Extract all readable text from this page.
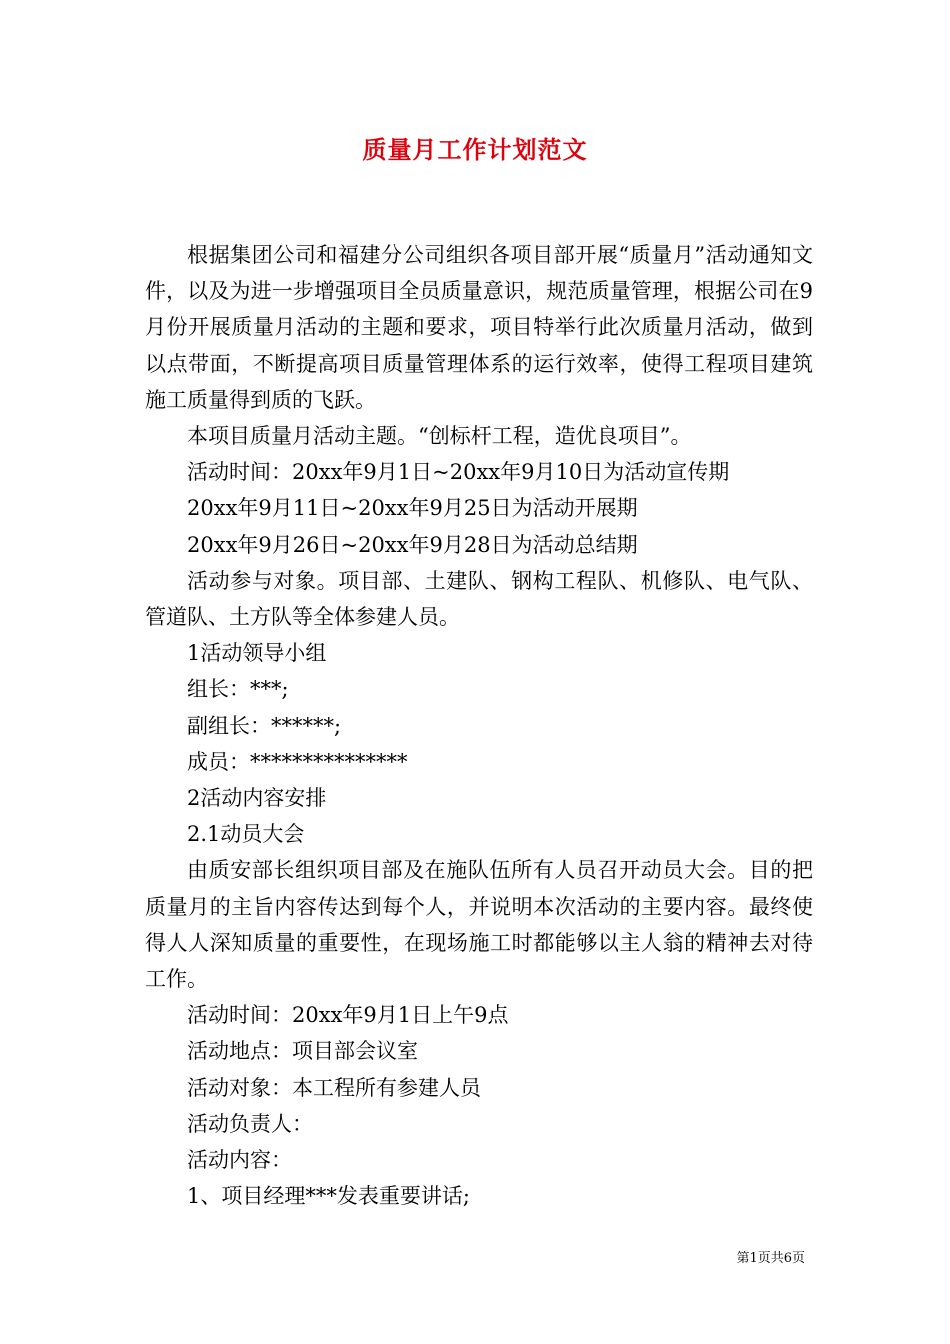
质量月工作计划范文

根据集团公司和福建分公司组织各项目部开展“质量月”活动通知文件，以及为进一步增强项目全员质量意识，规范质量管理，根据公司在9月份开展质量月活动的主题和要求，项目特举行此次质量月活动，做到以点带面，不断提高项目质量管理体系的运行效率，使得工程项目建筑施工质量得到质的飞跃。

本项目质量月活动主题。“创标杆工程，造优良项目”。

活动时间：20xx年9月1日~20xx年9月10日为活动宣传期

20xx年9月11日~20xx年9月25日为活动开展期

20xx年9月26日~20xx年9月28日为活动总结期

活动参与对象。项目部、土建队、钢构工程队、机修队、电气队、管道队、土方队等全体参建人员。

1活动领导小组

组长：***;

副组长：******;

成员：***************

2活动内容安排

2.1动员大会

由质安部长组织项目部及在施队伍所有人员召开动员大会。目的把质量月的主旨内容传达到每个人，并说明本次活动的主要内容。最终使得人人深知质量的重要性，在现场施工时都能够以主人翁的精神去对待工作。

活动时间：20xx年9月1日上午9点

活动地点：项目部会议室

活动对象：本工程所有参建人员

活动负责人：

活动内容：

1、项目经理***发表重要讲话;

第1页共6页
